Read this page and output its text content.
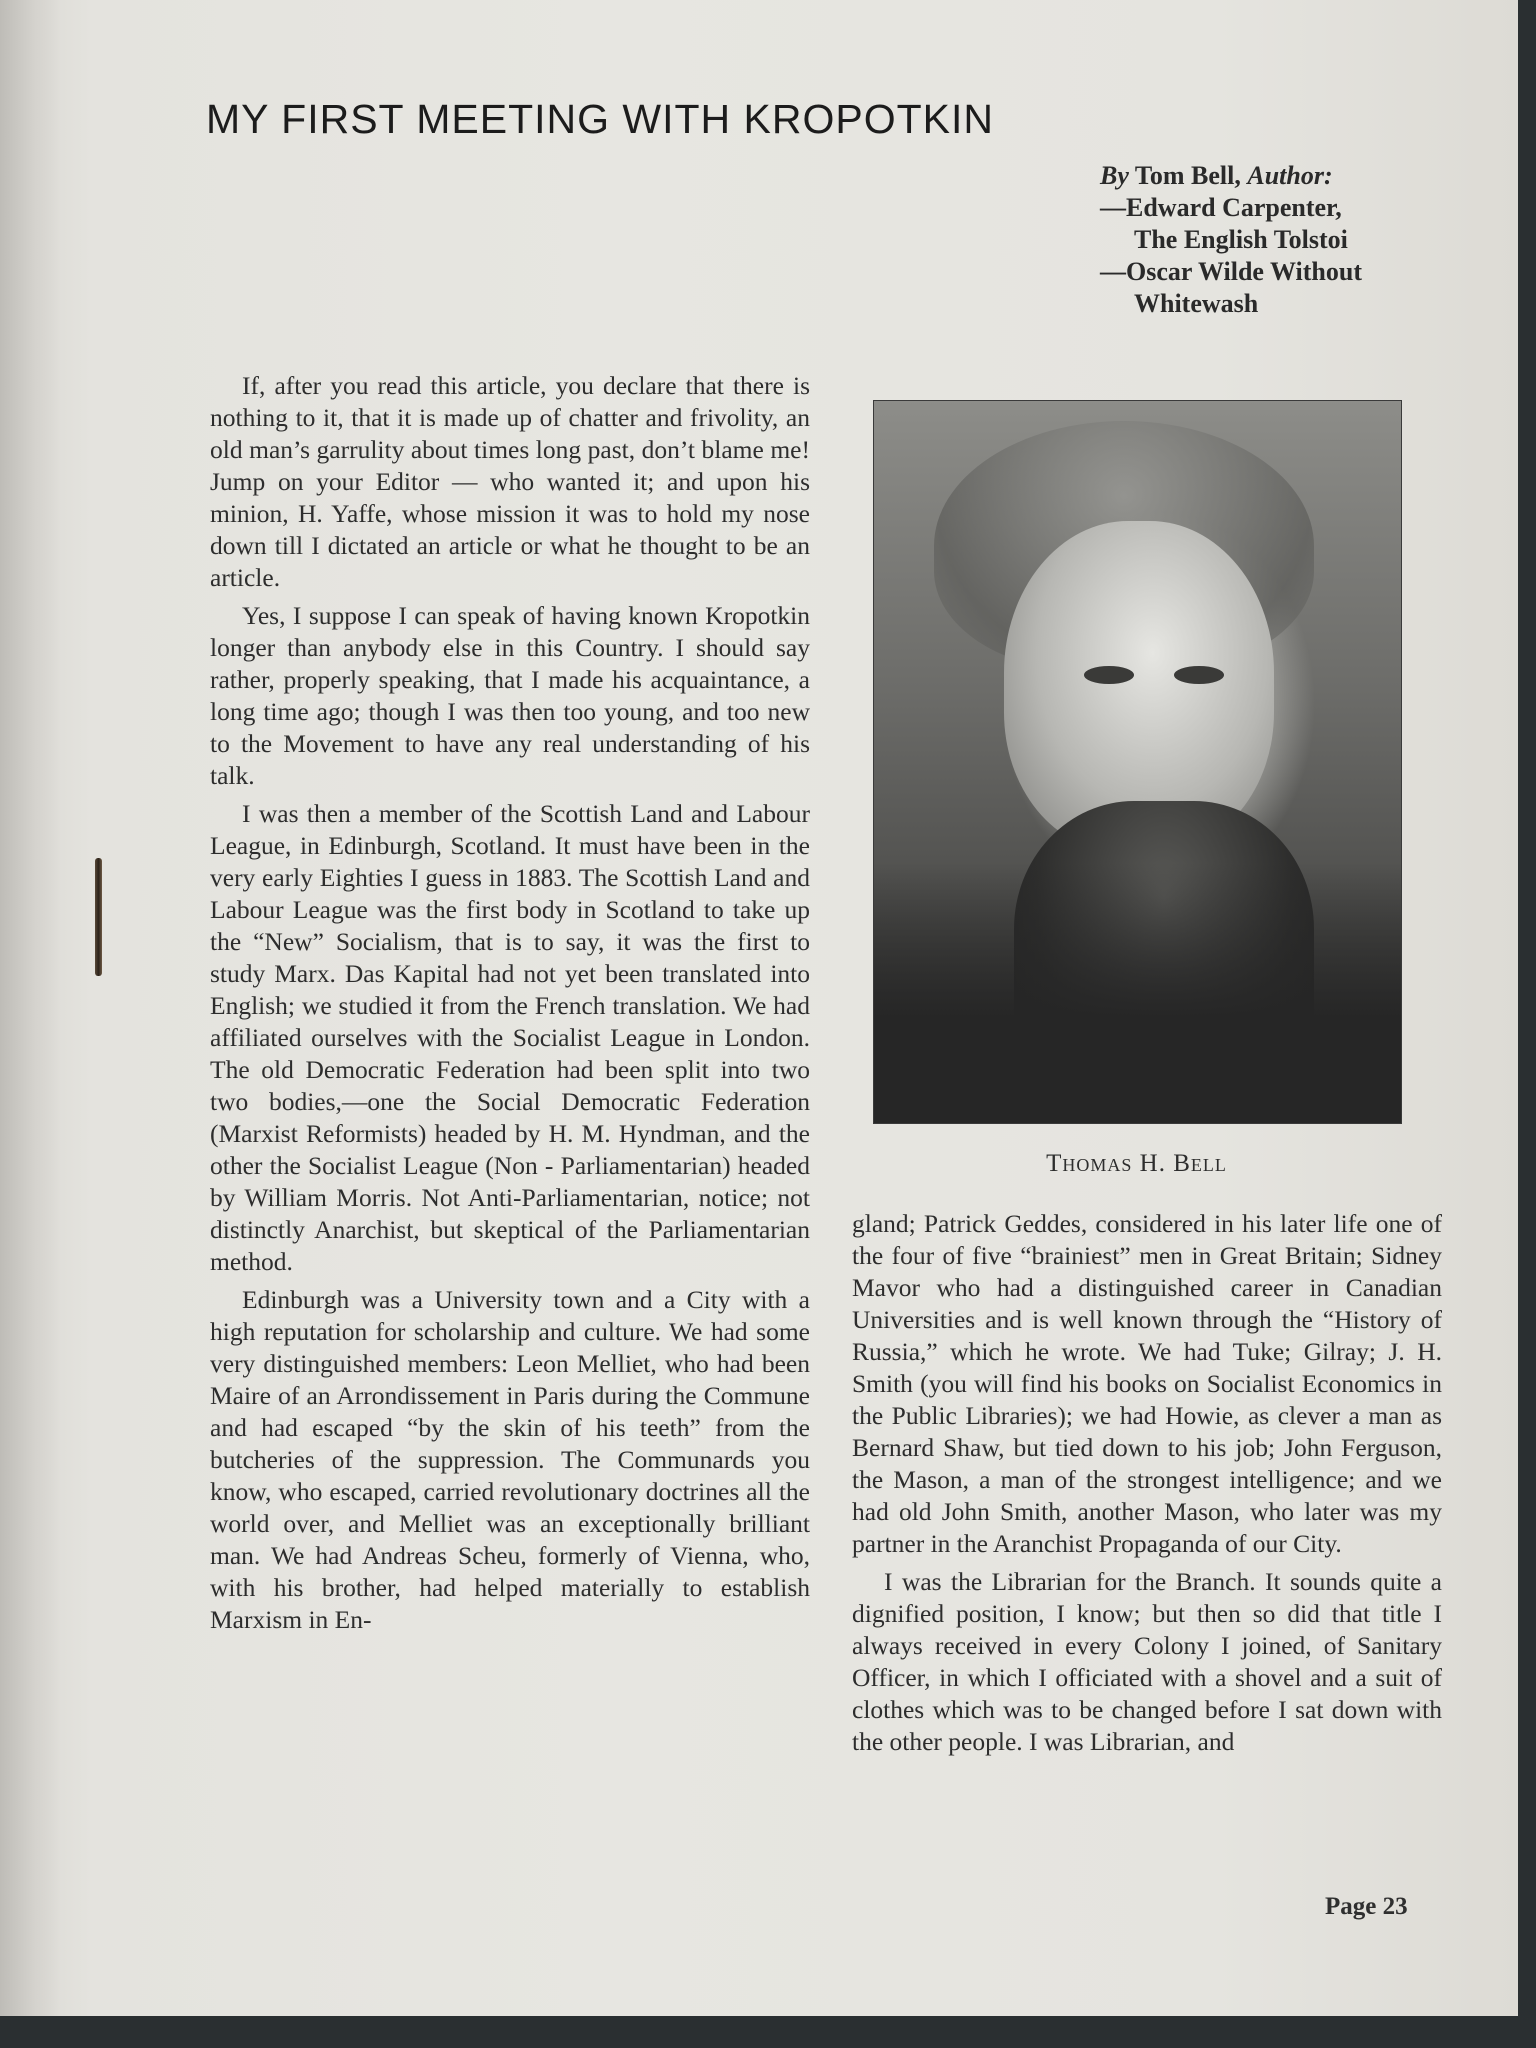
MY FIRST MEETING WITH KROPOTKIN
By Tom Bell, Author:
—Edward Carpenter,
The English Tolstoi
—Oscar Wilde Without
Whitewash

If, after you read this article, you declare that there is nothing to it, that it is made up of chatter and frivolity, an old man’s garrulity about times long past, don’t blame me! Jump on your Editor — who wanted it; and upon his minion, H. Yaffe, whose mission it was to hold my nose down till I dictated an article or what he thought to be an article.

Yes, I suppose I can speak of having known Kropotkin longer than anybody else in this Country. I should say rather, properly speaking, that I made his acquaintance, a long time ago; though I was then too young, and too new to the Movement to have any real understanding of his talk.

I was then a member of the Scottish Land and Labour League, in Edinburgh, Scotland. It must have been in the very early Eighties I guess in 1883. The Scottish Land and Labour League was the first body in Scotland to take up the “New” Socialism, that is to say, it was the first to study Marx. Das Kapital had not yet been translated into English; we studied it from the French translation. We had affiliated ourselves with the Socialist League in London. The old Democratic Federation had been split into two two bodies,—one the Social Democratic Federation (Marxist Reformists) headed by H. M. Hyndman, and the other the Socialist League (Non - Parliamentarian) headed by William Morris. Not Anti-Parliamentarian, notice; not distinctly Anarchist, but skeptical of the Parliamentarian method.

Edinburgh was a University town and a City with a high reputation for scholarship and culture. We had some very distinguished members: Leon Melliet, who had been Maire of an Arrondissement in Paris during the Commune and had escaped “by the skin of his teeth” from the butcheries of the suppression. The Communards you know, who escaped, carried revolutionary doctrines all the world over, and Melliet was an exceptionally brilliant man. We had Andreas Scheu, formerly of Vienna, who, with his brother, had helped materially to establish Marxism in En-

Thomas H. Bell

gland; Patrick Geddes, considered in his later life one of the four of five “brainiest” men in Great Britain; Sidney Mavor who had a distinguished career in Canadian Universities and is well known through the “History of Russia,” which he wrote. We had Tuke; Gilray; J. H. Smith (you will find his books on Socialist Economics in the Public Libraries); we had Howie, as clever a man as Bernard Shaw, but tied down to his job; John Ferguson, the Mason, a man of the strongest intelligence; and we had old John Smith, another Mason, who later was my partner in the Aranchist Propaganda of our City.

I was the Librarian for the Branch. It sounds quite a dignified position, I know; but then so did that title I always received in every Colony I joined, of Sanitary Officer, in which I officiated with a shovel and a suit of clothes which was to be changed before I sat down with the other people. I was Librarian, and

Page 23
